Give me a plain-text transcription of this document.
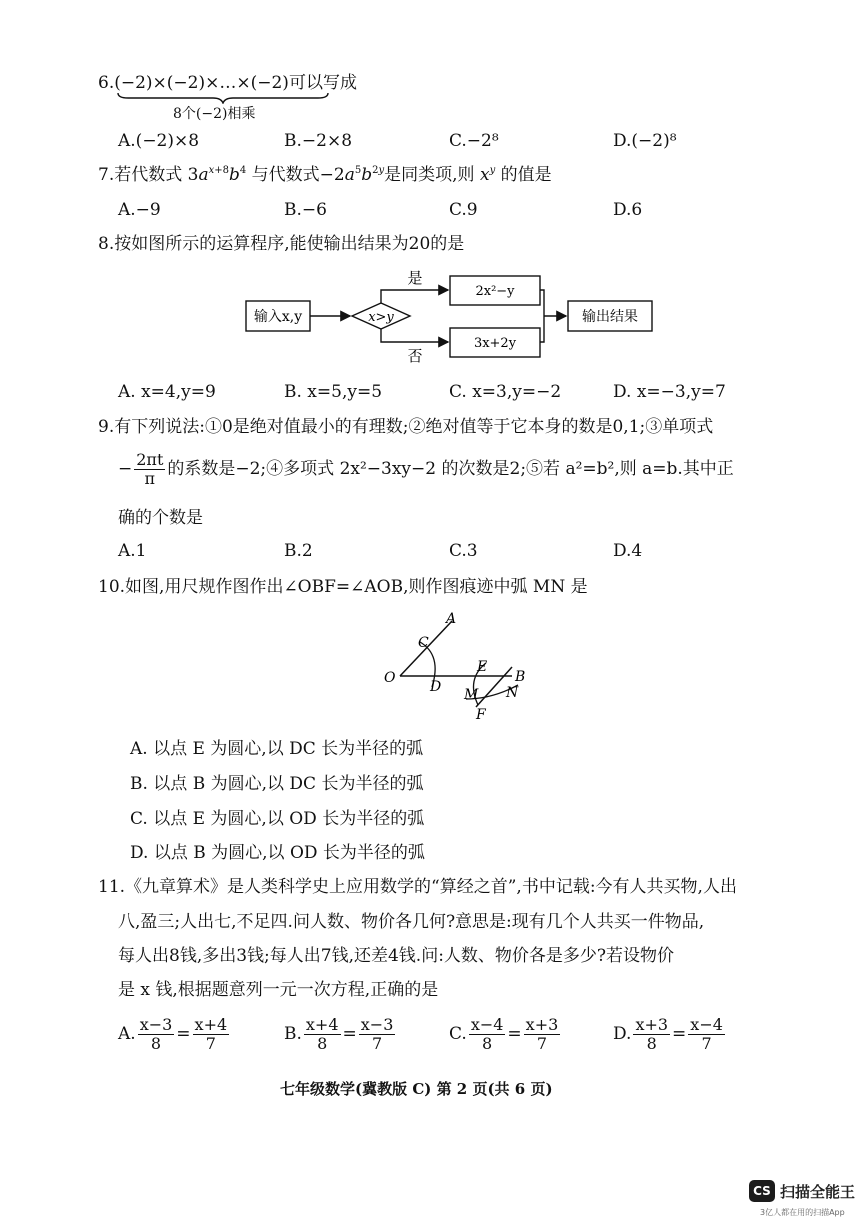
6.(−2)×(−2)×…×(−2)可以写成
8个(−2)相乘
A.(−2)×8	B.−2×8	C.−2⁸	D.(−2)⁸
7.若代数式 $3a^{x+8}b^4$ 与代数式$-2a^5b^{2y}$是同类项,则 $x^y$ 的值是
A.−9	B.−6	C.9	D.6
8.按如图所示的运算程序,能使输出结果为20的是
输入x,y	x>y
是
2x²−y
否
3x+2y
输出结果
A. x=4,y=9	B. x=5,y=5	C. x=3,y=−2	D. x=−3,y=7
9.有下列说法:①0是绝对值最小的有理数;②绝对值等于它本身的数是0,1;③单项式
− $\frac{2\pi t}{\pi}$ 的系数是−2;④多项式 2x²−3xy−2 的次数是2;⑤若 a²=b²,则 a=b.其中正
确的个数是
A.1	B.2	C.3	D.4
10.如图,用尺规作图作出∠OBF=∠AOB,则作图痕迹中弧 MN 是
A
C
O
D
E
B
M N
F
A. 以点 E 为圆心,以 DC 长为半径的弧
B. 以点 B 为圆心,以 DC 长为半径的弧
C. 以点 E 为圆心,以 OD 长为半径的弧
D. 以点 B 为圆心,以 OD 长为半径的弧
11.《九章算术》是人类科学史上应用数学的“算经之首”,书中记载:今有人共买物,人出
八,盈三;人出七,不足四.问人数、物价各几何?意思是:现有几个人共买一件物品,
每人出8钱,多出3钱;每人出7钱,还差4钱.问:人数、物价各是多少?若设物价
是 x 钱,根据题意列一元一次方程,正确的是
A. $\frac{x-3}{8} = \frac{x+4}{7}$	B. $\frac{x+4}{8} = \frac{x-3}{7}$	C. $\frac{x-4}{8} = \frac{x+3}{7}$	D. $\frac{x+3}{8} = \frac{x-4}{7}$
七年级数学(冀教版 C) 第 2 页(共 6 页)
CS 扫描全能王
3亿人都在用的扫描App
